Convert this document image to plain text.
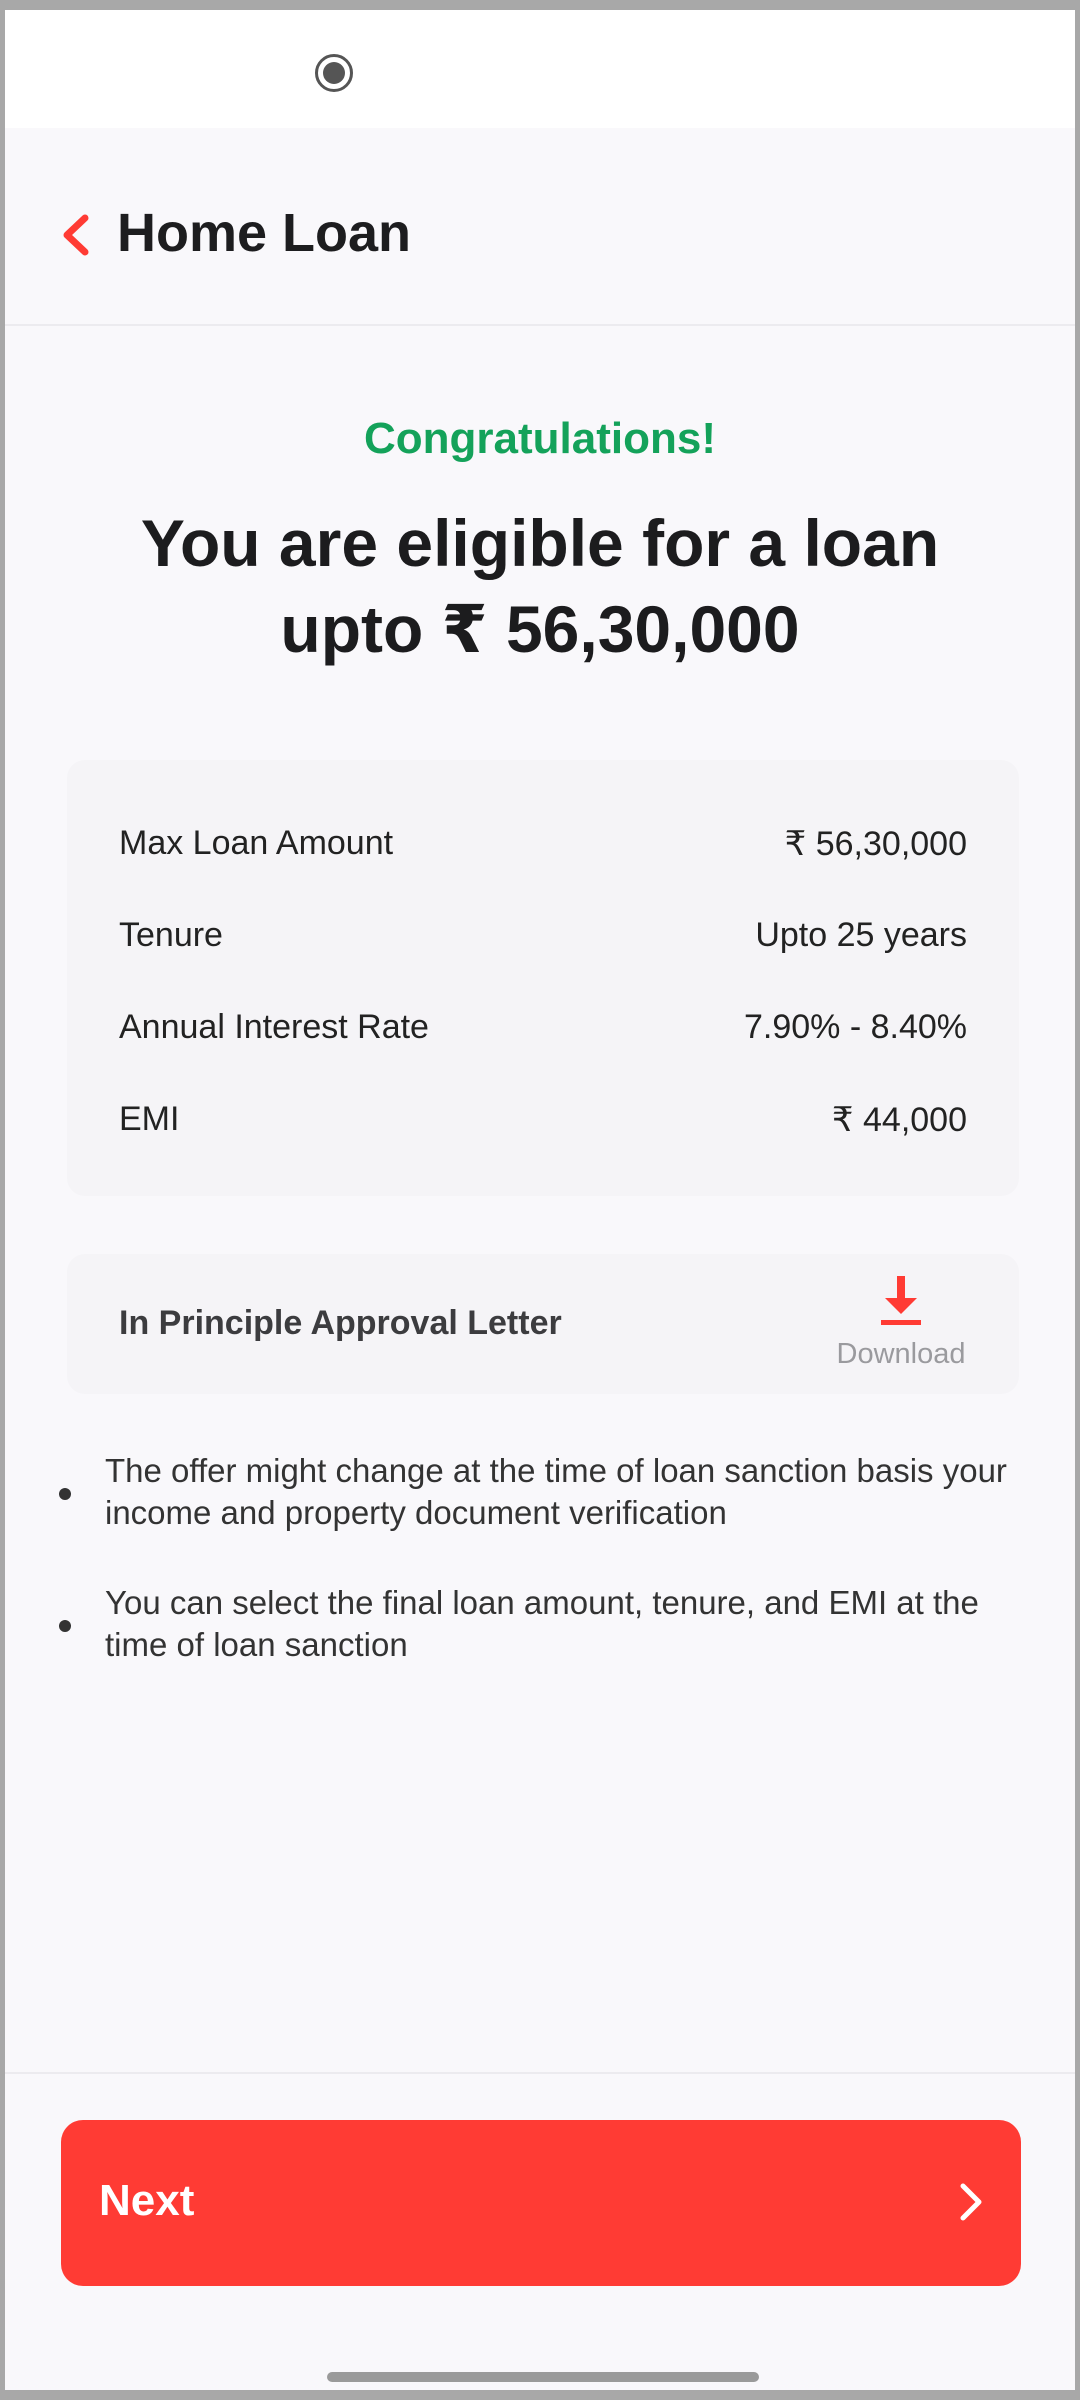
Home Loan
Congratulations!
You are eligible for a loan upto ₹ 56,30,000
Max Loan Amount	₹ 56,30,000
Tenure	Upto 25 years
Annual Interest Rate	7.90% - 8.40%
EMI	₹ 44,000
In Principle Approval Letter
Download
The offer might change at the time of loan sanction basis your income and property document verification
You can select the final loan amount, tenure, and EMI at the time of loan sanction
Next
